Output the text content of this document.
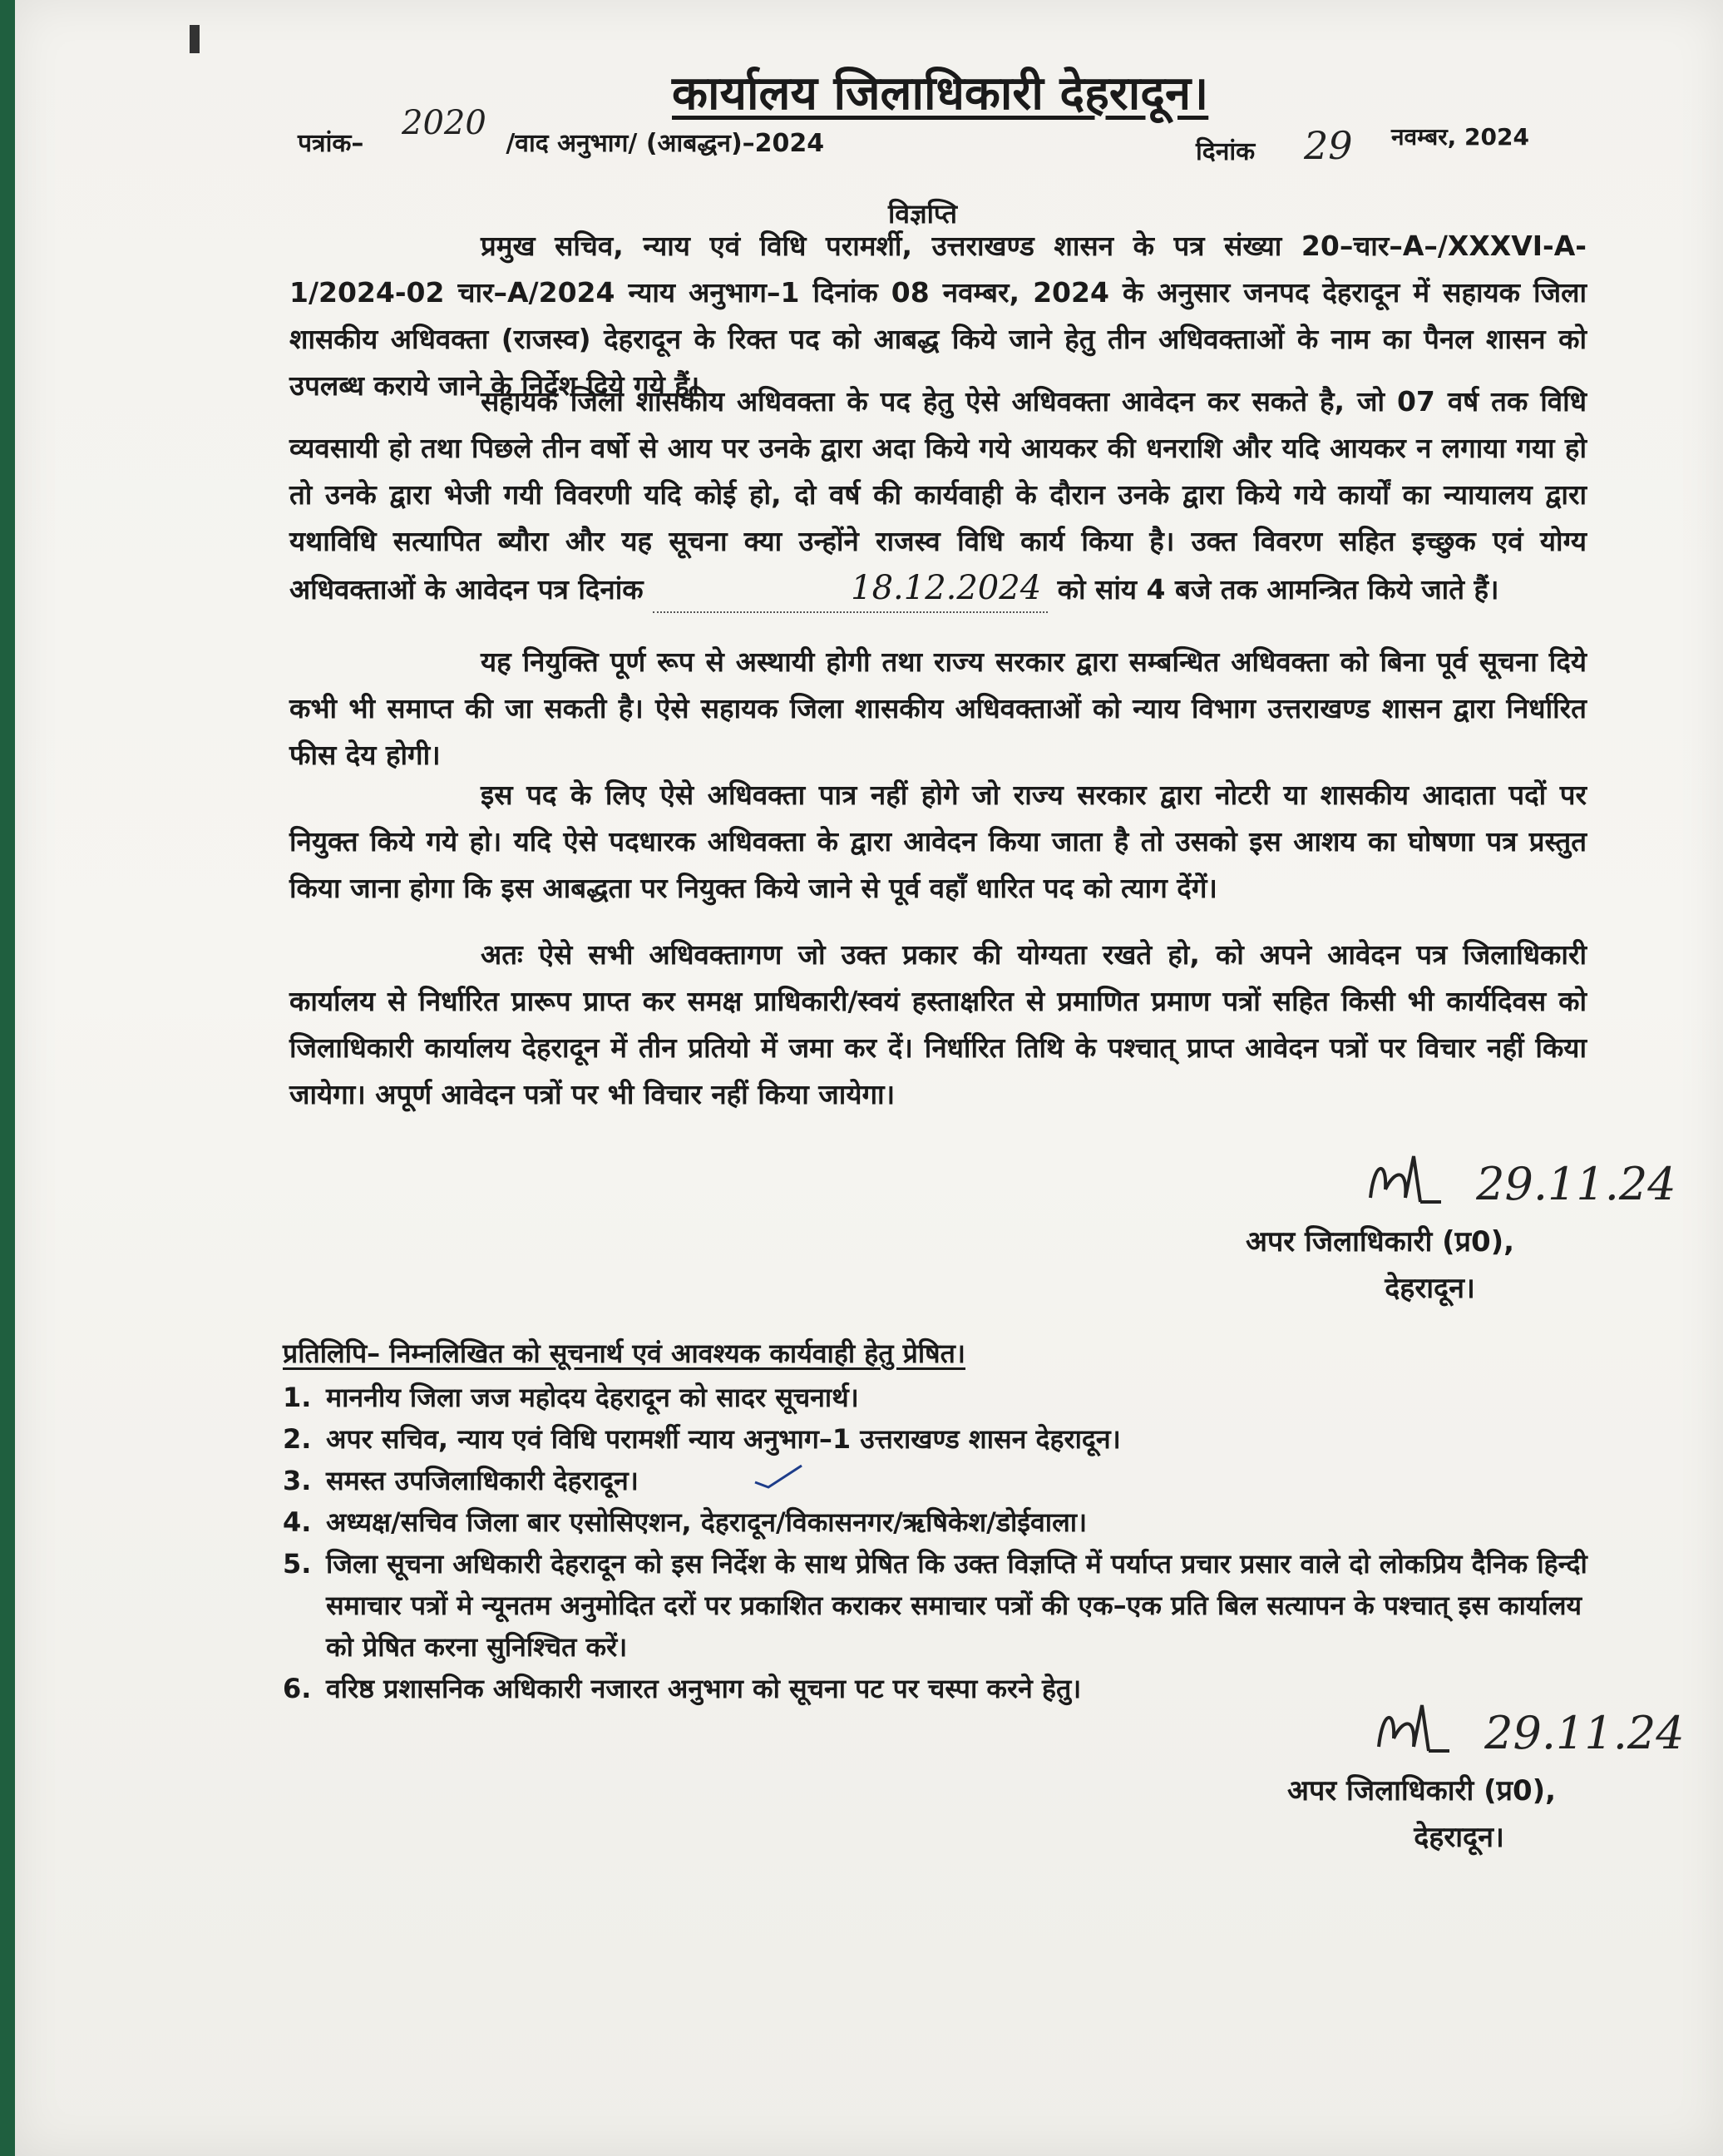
कार्यालय जिलाधिकारी देहरादून।
पत्रांक–	/वाद अनुभाग/ (आबद्धन)–2024
2020
दिनांक 29 नवम्बर, 2024
विज्ञप्ति
प्रमुख सचिव, न्याय एवं विधि परामर्शी, उत्तराखण्ड शासन के पत्र संख्या 20–चार–A–/XXXVI-A-1/2024-02 चार–A/2024 न्याय अनुभाग–1 दिनांक 08 नवम्बर, 2024 के अनुसार जनपद देहरादून में सहायक जिला शासकीय अधिवक्ता (राजस्व) देहरादून के रिक्त पद को आबद्ध किये जाने हेतु तीन अधिवक्ताओं के नाम का पैनल शासन को उपलब्ध कराये जाने के निर्देश दिये गये हैं।
सहायक जिला शासकीय अधिवक्ता के पद हेतु ऐसे अधिवक्ता आवेदन कर सकते है, जो 07 वर्ष तक विधि व्यवसायी हो तथा पिछले तीन वर्षो से आय पर उनके द्वारा अदा किये गये आयकर की धनराशि और यदि आयकर न लगाया गया हो तो उनके द्वारा भेजी गयी विवरणी यदि कोई हो, दो वर्ष की कार्यवाही के दौरान उनके द्वारा किये गये कार्यों का न्यायालय द्वारा यथाविधि सत्यापित ब्यौरा और यह सूचना क्या उन्होंने राजस्व विधि कार्य किया है। उक्त विवरण सहित इच्छुक एवं योग्य अधिवक्ताओं के आवेदन पत्र दिनांक	18.12.2024 को सांय 4 बजे तक आमन्त्रित किये जाते हैं।
यह नियुक्ति पूर्ण रूप से अस्थायी होगी तथा राज्य सरकार द्वारा सम्बन्धित अधिवक्ता को बिना पूर्व सूचना दिये कभी भी समाप्त की जा सकती है। ऐसे सहायक जिला शासकीय अधिवक्ताओं को न्याय विभाग उत्तराखण्ड शासन द्वारा निर्धारित फीस देय होगी।
इस पद के लिए ऐसे अधिवक्ता पात्र नहीं होगे जो राज्य सरकार द्वारा नोटरी या शासकीय आदाता पदों पर नियुक्त किये गये हो। यदि ऐसे पदधारक अधिवक्ता के द्वारा आवेदन किया जाता है तो उसको इस आशय का घोषणा पत्र प्रस्तुत किया जाना होगा कि इस आबद्धता पर नियुक्त किये जाने से पूर्व वहाँ धारित पद को त्याग देंगें।
अतः ऐसे सभी अधिवक्तागण जो उक्त प्रकार की योग्यता रखते हो, को अपने आवेदन पत्र जिलाधिकारी कार्यालय से निर्धारित प्रारूप प्राप्त कर समक्ष प्राधिकारी/स्वयं हस्ताक्षरित से प्रमाणित प्रमाण पत्रों सहित किसी भी कार्यदिवस को जिलाधिकारी कार्यालय देहरादून में तीन प्रतियो में जमा कर दें। निर्धारित तिथि के पश्चात् प्राप्त आवेदन पत्रों पर विचार नहीं किया जायेगा। अपूर्ण आवेदन पत्रों पर भी विचार नहीं किया जायेगा।
29.11.24
अपर जिलाधिकारी (प्र0),
देहरादून।
प्रतिलिपि– निम्नलिखित को सूचनार्थ एवं आवश्यक कार्यवाही हेतु प्रेषित।
1. माननीय जिला जज महोदय देहरादून को सादर सूचनार्थ।
2. अपर सचिव, न्याय एवं विधि परामर्शी न्याय अनुभाग–1 उत्तराखण्ड शासन देहरादून।
3. समस्त उपजिलाधिकारी देहरादून।
4. अध्यक्ष/सचिव जिला बार एसोसिएशन, देहरादून/विकासनगर/ऋषिकेश/डोईवाला।
5. जिला सूचना अधिकारी देहरादून को इस निर्देश के साथ प्रेषित कि उक्त विज्ञप्ति में पर्याप्त प्रचार प्रसार वाले दो लोकप्रिय दैनिक हिन्दी समाचार पत्रों मे न्यूनतम अनुमोदित दरों पर प्रकाशित कराकर समाचार पत्रों की एक–एक प्रति बिल सत्यापन के पश्चात् इस कार्यालय को प्रेषित करना सुनिश्चित करें।
6. वरिष्ठ प्रशासनिक अधिकारी नजारत अनुभाग को सूचना पट पर चस्पा करने हेतु।
29.11.24
अपर जिलाधिकारी (प्र0),
देहरादून।
